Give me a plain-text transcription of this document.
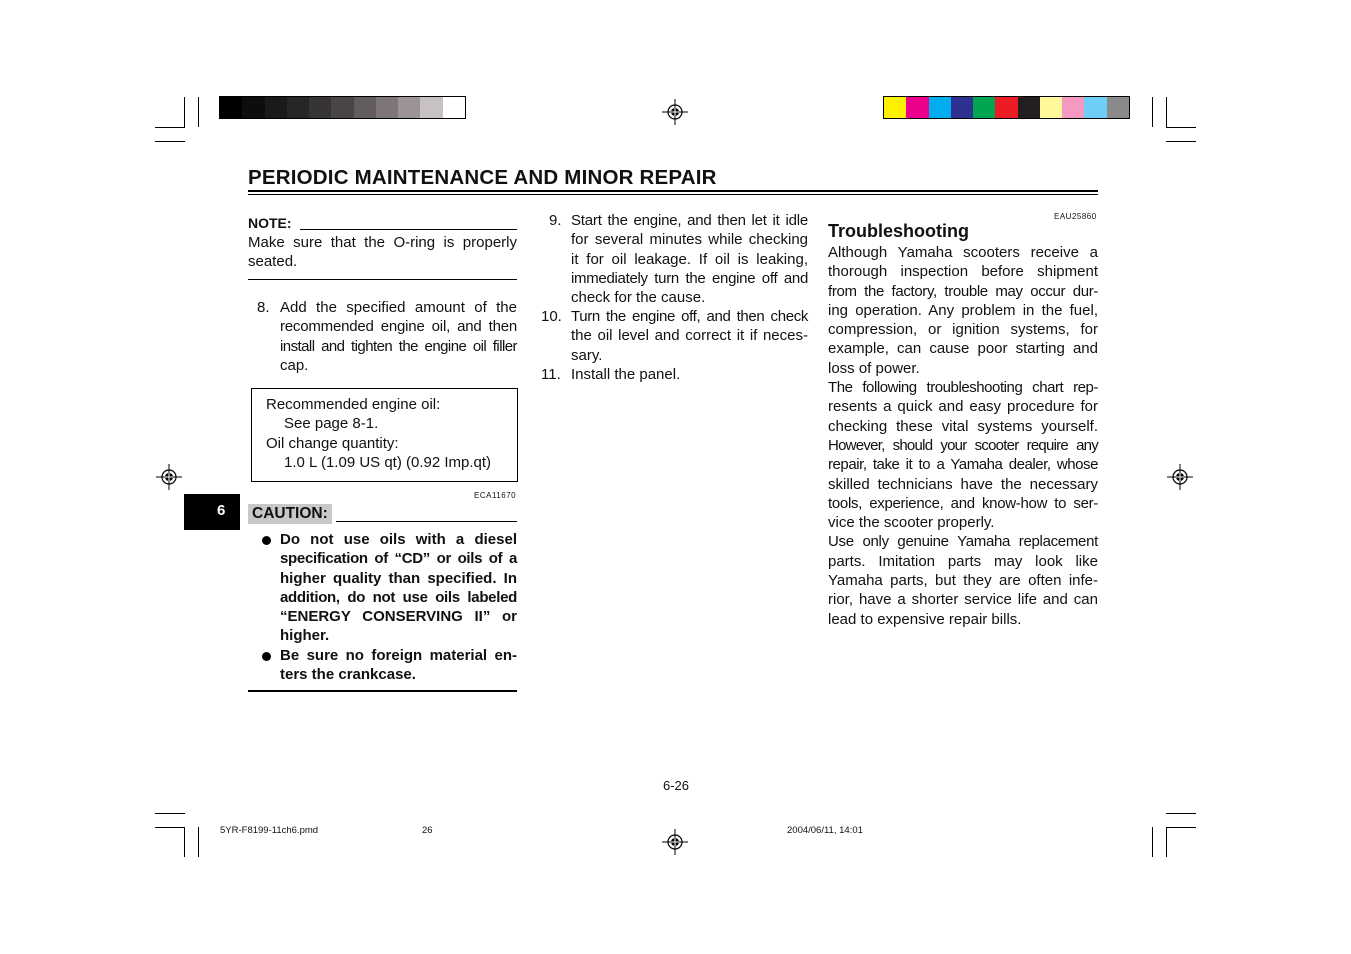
PERIODIC MAINTENANCE AND MINOR REPAIR
6
NOTE:
Make sure that the O-ring is properly
seated.
8. Add the specified amount of the
recommended engine oil, and then
install and tighten the engine oil filler
cap.
Recommended engine oil:
See page 8-1.
Oil change quantity:
1.0 L (1.09 US qt) (0.92 Imp.qt)
ECA11670
CAUTION:
Do not use oils with a diesel
specification of “CD” or oils of a
higher quality than specified. In
addition, do not use oils labeled
“ENERGY CONSERVING II” or
higher.
Be sure no foreign material en-
ters the crankcase.
9. Start the engine, and then let it idle
for several minutes while checking
it for oil leakage. If oil is leaking,
immediately turn the engine off and
check for the cause.
10. Turn the engine off, and then check
the oil level and correct it if neces-
sary.
11. Install the panel.
EAU25860
Troubleshooting
Although Yamaha scooters receive a
thorough inspection before shipment
from the factory, trouble may occur dur-
ing operation. Any problem in the fuel,
compression, or ignition systems, for
example, can cause poor starting and
loss of power.
The following troubleshooting chart rep-
resents a quick and easy procedure for
checking these vital systems yourself.
However, should your scooter require any
repair, take it to a Yamaha dealer, whose
skilled technicians have the necessary
tools, experience, and know-how to ser-
vice the scooter properly.
Use only genuine Yamaha replacement
parts. Imitation parts may look like
Yamaha parts, but they are often infe-
rior, have a shorter service life and can
lead to expensive repair bills.
6-26
5YR-F8199-11ch6.pmd	26	2004/06/11, 14:01
